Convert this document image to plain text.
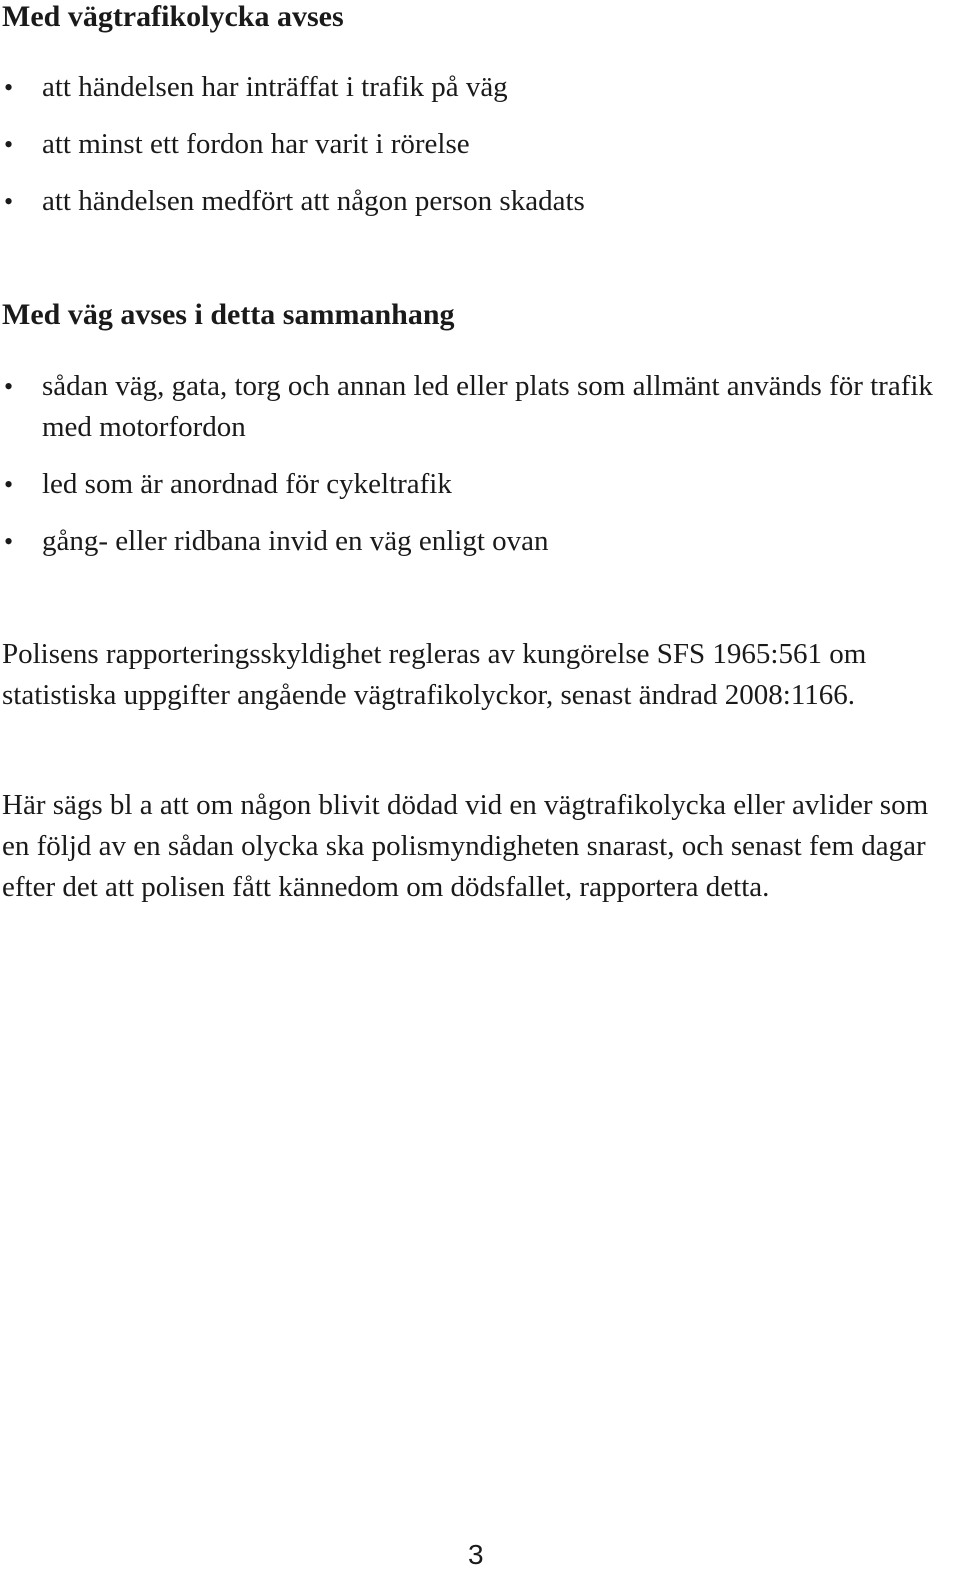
Med vägtrafikolycka avses
• att händelsen har inträffat i trafik på väg
• att minst ett fordon har varit i rörelse
• att händelsen medfört att någon person skadats
Med väg avses i detta sammanhang
• sådan väg, gata, torg och annan led eller plats som allmänt används för trafik med motorfordon
• led som är anordnad för cykeltrafik
• gång- eller ridbana invid en väg enligt ovan

Polisens rapporteringsskyldighet regleras av kungörelse SFS 1965:561 om statistiska uppgifter angående vägtrafikolyckor, senast ändrad 2008:1166.

Här sägs bl a att om någon blivit dödad vid en vägtrafikolycka eller avlider som en följd av en sådan olycka ska polismyndigheten snarast, och senast fem dagar efter det att polisen fått kännedom om dödsfallet, rapportera detta.

3
